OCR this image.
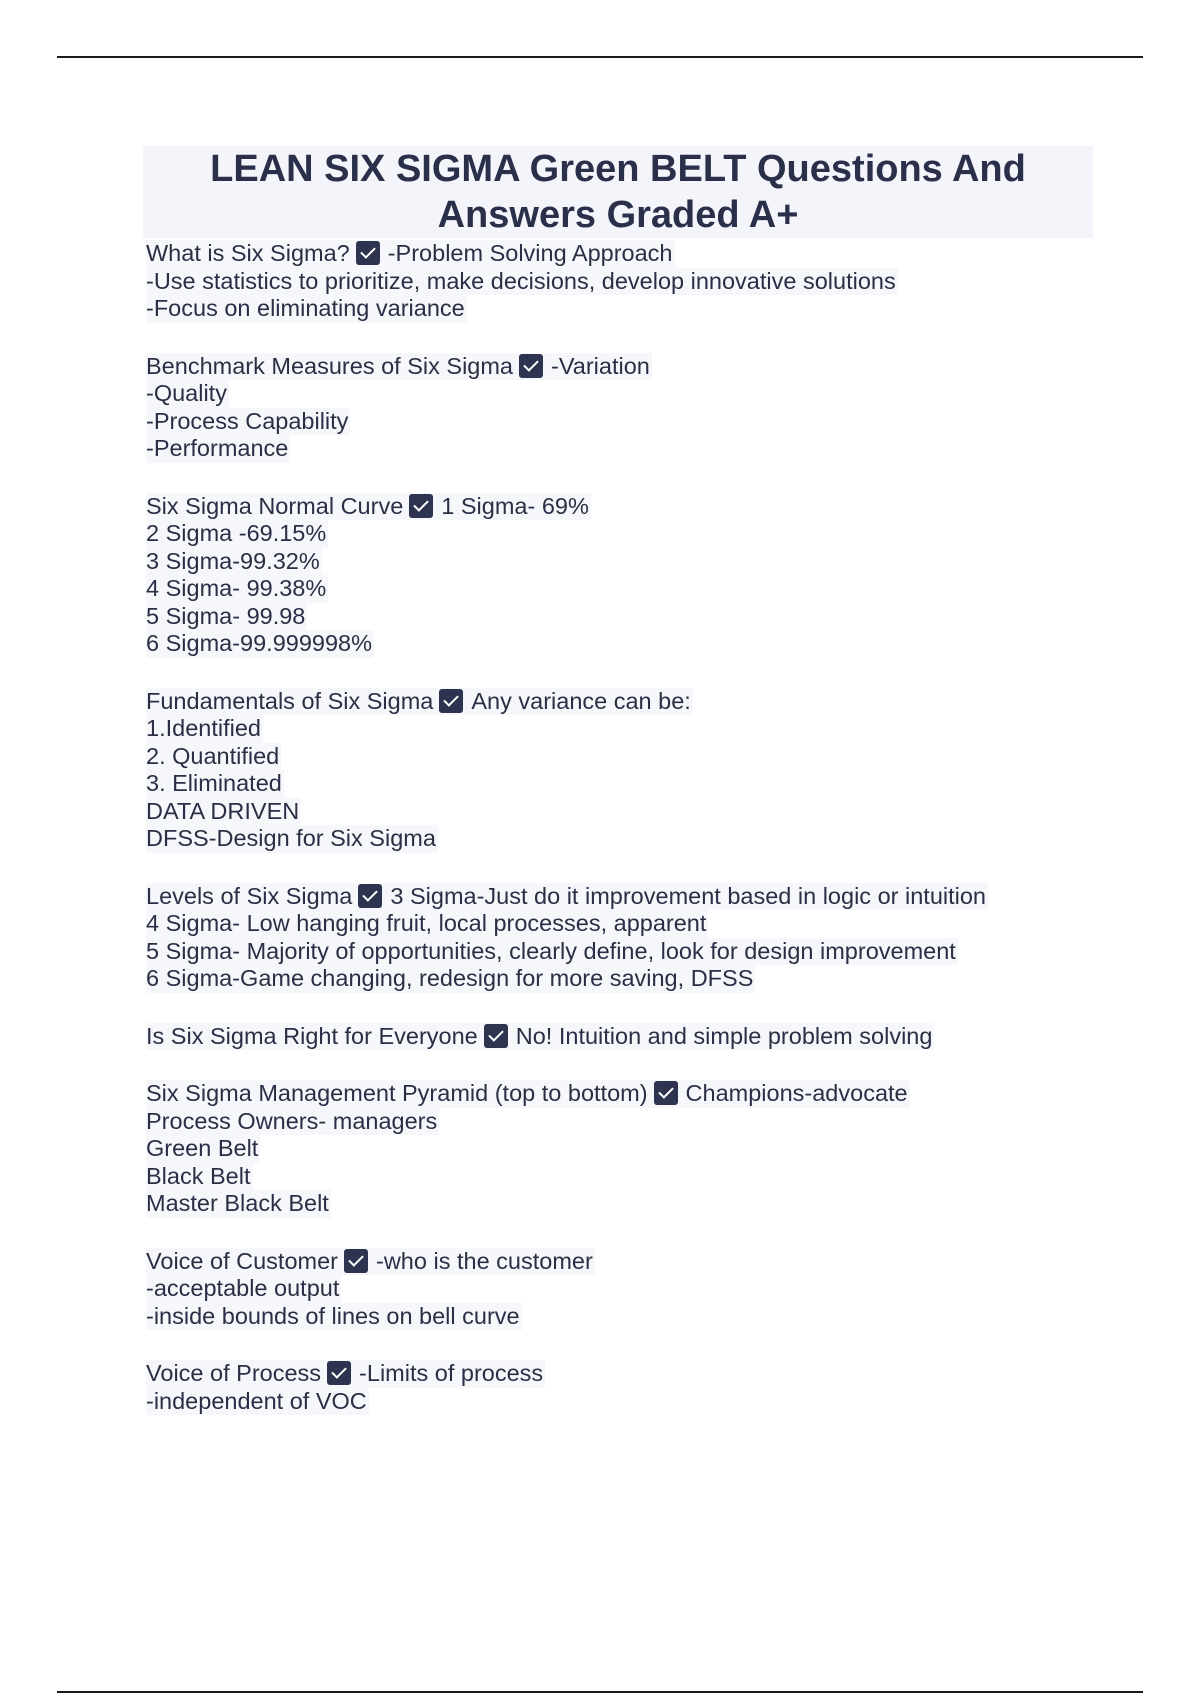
LEAN SIX SIGMA Green BELT Questions And
Answers Graded A+
What is Six Sigma? -Problem Solving Approach
-Use statistics to prioritize, make decisions, develop innovative solutions
-Focus on eliminating variance
Benchmark Measures of Six Sigma -Variation
-Quality
-Process Capability
-Performance
Six Sigma Normal Curve 1 Sigma- 69%
2 Sigma -69.15%
3 Sigma-99.32%
4 Sigma- 99.38%
5 Sigma- 99.98
6 Sigma-99.999998%
Fundamentals of Six Sigma Any variance can be:
1.Identified
2. Quantified
3. Eliminated
DATA DRIVEN
DFSS-Design for Six Sigma
Levels of Six Sigma 3 Sigma-Just do it improvement based in logic or intuition
4 Sigma- Low hanging fruit, local processes, apparent
5 Sigma- Majority of opportunities, clearly define, look for design improvement
6 Sigma-Game changing, redesign for more saving, DFSS
Is Six Sigma Right for Everyone No! Intuition and simple problem solving
Six Sigma Management Pyramid (top to bottom) Champions-advocate
Process Owners- managers
Green Belt
Black Belt
Master Black Belt
Voice of Customer -who is the customer
-acceptable output
-inside bounds of lines on bell curve
Voice of Process -Limits of process
-independent of VOC
